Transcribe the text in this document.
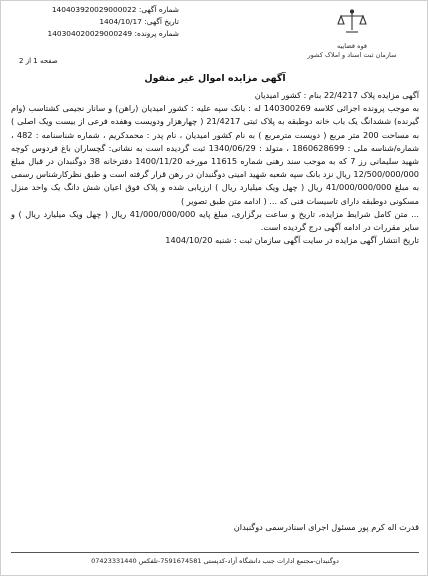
شماره آگهی: 140403920029000022
تاریخ آگهی: 1404/10/17
شماره پرونده: 140304020029000249
قوه قضاییه
سازمان ثبت اسناد و املاک کشور
صفحه 1 از 2
آگهی مزایده اموال غیر منقول

آگهی مزایده پلاک 22/4217 بنام : کشور امیدیان

به موجب پرونده اجرائی کلاسه 140300269 له : بانک سپه علیه : کشور امیدیان (راهن) و سانار نجیمی کشتاسب (وام گیرنده) ششدانگ یک باب خانه دوطبقه به پلاک ثبتی 21/4217 ( چهارهزار ودویست وهفده فرعی از بیست ویک اصلی ) به مساحت 200 متر مربع ( دویست مترمربع ) به نام کشور امیدیان ، نام پدر : محمدکریم ، شماره شناسنامه : 482 ، شماره/شناسه ملی : 1860628699 ، متولد : 1340/06/29 ثبت گردیده است به نشانی: گچساران باغ فردوس کوچه شهید سلیمانی رز 7 که به موجب سند رهنی شماره 11615 مورخه 1400/11/20 دفترخانه 38 دوگنبدان در قبال مبلغ 12/500/000/000 ریال نزد بانک سپه شعبه شهید امینی دوگنبدان در رهن قرار گرفته است و طبق نظرکارشناس رسمی به مبلغ 41/000/000/000 ریال ( چهل ویک میلیارد ریال ) ارزیابی شده و پلاک فوق اعیان شش دانگ یک واحد منزل مسکونی دوطبقه دارای تاسیسات فنی که ... ( ادامه متن طبق تصویر )

... متن کامل شرایط مزایده، تاریخ و ساعت برگزاری، مبلغ پایه 41/000/000/000 ریال ( چهل ویک میلیارد ریال ) و سایر مقررات در ادامه آگهی درج گردیده است.

تاریخ انتشار آگهی مزایده در سایت آگهی سازمان ثبت : شنبه 1404/10/20

قدرت اله کرم پور مسئول اجرای اسنادرسمی دوگنبدان
دوگنبدان-مجتمع ادارات جنب دانشگاه آزاد-کدپستی 7591674581-تلفکس 07423331440
